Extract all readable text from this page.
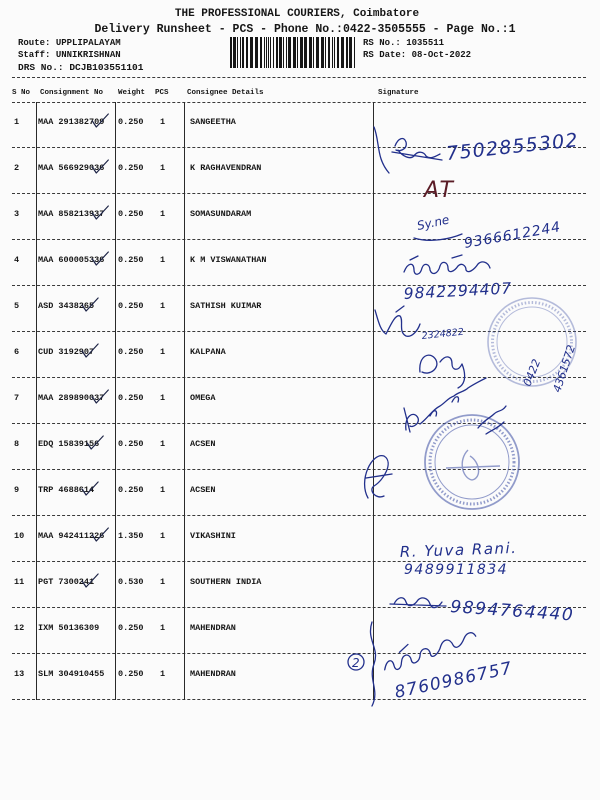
THE PROFESSIONAL COURIERS, Coimbatore
Delivery Runsheet - PCS - Phone No.:0422-3505555 - Page No.:1
Route: UPPLIPALAYAM
Staff: UNNIKRISHNAN
DRS No.: DCJB103551101
RS No.: 1035511
RS Date: 08-Oct-2022
S No Consignment No Weight PCS Consignee Details	Signature
1 MAA 291382709 0.250 1	SANGEETHA
2 MAA 566929036 0.250 1	K RAGHAVENDRAN
3 MAA 858213937 0.250 1	SOMASUNDARAM
4 MAA 600005336 0.250 1	K M VISWANATHAN
5 ASD 3438265	0.250 1	SATHISH KUIMAR
6 CUD 3192907	0.250 1	KALPANA
7 MAA 289890037 0.250 1	OMEGA
8 EDQ 15839156 0.250 1	ACSEN
9 TRP 4688614	0.250 1	ACSEN
10 MAA 942411226 1.350 1	VIKASHINI
11 PGT 7300241	0.530 1	SOUTHERN INDIA
12 IXM 50136309 0.250 1	MAHENDRAN
13 SLM 304910455 0.250 1	MAHENDRAN
7502855302
AT
Sy.ne 9366612244
9842294407
2324822
0422 4361572
R. Yuva Rani.
9489911834
9894764440
2 8760986757
